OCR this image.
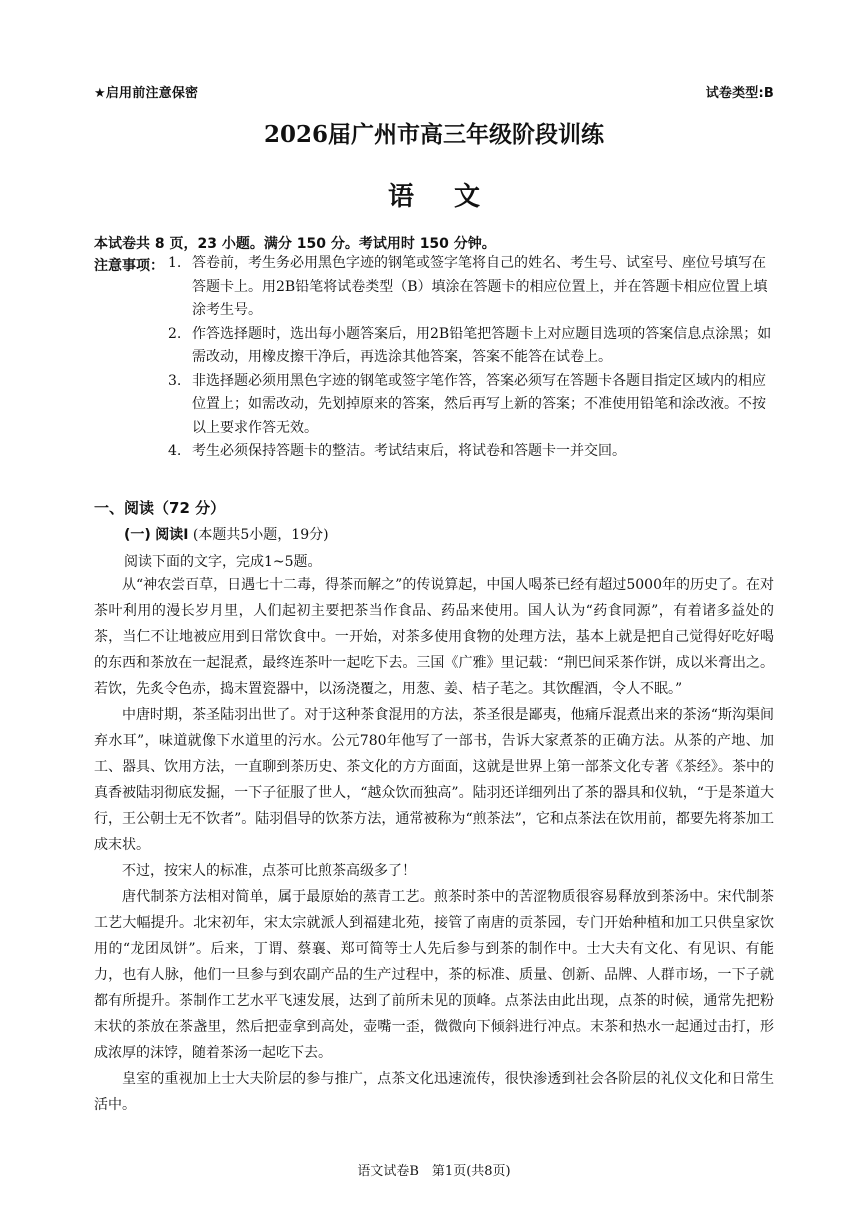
★启用前注意保密	试卷类型:B
2026届广州市高三年级阶段训练
语文
本试卷共 8 页，23 小题。满分 150 分。考试用时 150 分钟。
注意事项： 1. 答卷前，考生务必用黑色字迹的钢笔或签字笔将自己的姓名、考生号、试室号、座位号填写在答题卡上。用2B铅笔将试卷类型（B）填涂在答题卡的相应位置上，并在答题卡相应位置上填涂考生号。
2. 作答选择题时，选出每小题答案后，用2B铅笔把答题卡上对应题目选项的答案信息点涂黑；如需改动，用橡皮擦干净后，再选涂其他答案，答案不能答在试卷上。
3. 非选择题必须用黑色字迹的钢笔或签字笔作答，答案必须写在答题卡各题目指定区域内的相应位置上；如需改动，先划掉原来的答案，然后再写上新的答案；不准使用铅笔和涂改液。不按以上要求作答无效。
4. 考生必须保持答题卡的整洁。考试结束后，将试卷和答题卡一并交回。
一、阅读（72 分）
(一) 阅读Ⅰ (本题共5小题，19分)
阅读下面的文字，完成1~5题。

从“神农尝百草，日遇七十二毒，得茶而解之”的传说算起，中国人喝茶已经有超过5000年的历史了。在对茶叶利用的漫长岁月里，人们起初主要把茶当作食品、药品来使用。国人认为“药食同源”，有着诸多益处的茶，当仁不让地被应用到日常饮食中。一开始，对茶多使用食物的处理方法，基本上就是把自己觉得好吃好喝的东西和茶放在一起混煮，最终连茶叶一起吃下去。三国《广雅》里记载：“荆巴间采茶作饼，成以米膏出之。若饮，先炙令色赤，捣末置瓷器中，以汤浇覆之，用葱、姜、桔子芼之。其饮醒酒，令人不眠。”

中唐时期，茶圣陆羽出世了。对于这种茶食混用的方法，茶圣很是鄙夷，他痛斥混煮出来的茶汤“斯沟渠间弃水耳”，味道就像下水道里的污水。公元780年他写了一部书，告诉大家煮茶的正确方法。从茶的产地、加工、器具、饮用方法，一直聊到茶历史、茶文化的方方面面，这就是世界上第一部茶文化专著《茶经》。茶中的真香被陆羽彻底发掘，一下子征服了世人，“越众饮而独高”。陆羽还详细列出了茶的器具和仪轨，“于是茶道大行，王公朝士无不饮者”。陆羽倡导的饮茶方法，通常被称为“煎茶法”，它和点茶法在饮用前，都要先将茶加工成末状。

不过，按宋人的标准，点茶可比煎茶高级多了！

唐代制茶方法相对简单，属于最原始的蒸青工艺。煎茶时茶中的苦涩物质很容易释放到茶汤中。宋代制茶工艺大幅提升。北宋初年，宋太宗就派人到福建北苑，接管了南唐的贡茶园，专门开始种植和加工只供皇家饮用的“龙团凤饼”。后来，丁谓、蔡襄、郑可简等士人先后参与到茶的制作中。士大夫有文化、有见识、有能力，也有人脉，他们一旦参与到农副产品的生产过程中，茶的标准、质量、创新、品牌、人群市场，一下子就都有所提升。茶制作工艺水平飞速发展，达到了前所未见的顶峰。点茶法由此出现，点茶的时候，通常先把粉末状的茶放在茶盏里，然后把壶拿到高处，壶嘴一歪，微微向下倾斜进行冲点。末茶和热水一起通过击打，形成浓厚的沫饽，随着茶汤一起吃下去。

皇室的重视加上士大夫阶层的参与推广，点茶文化迅速流传，很快渗透到社会各阶层的礼仪文化和日常生活中。

语文试卷B　第1页(共8页)
